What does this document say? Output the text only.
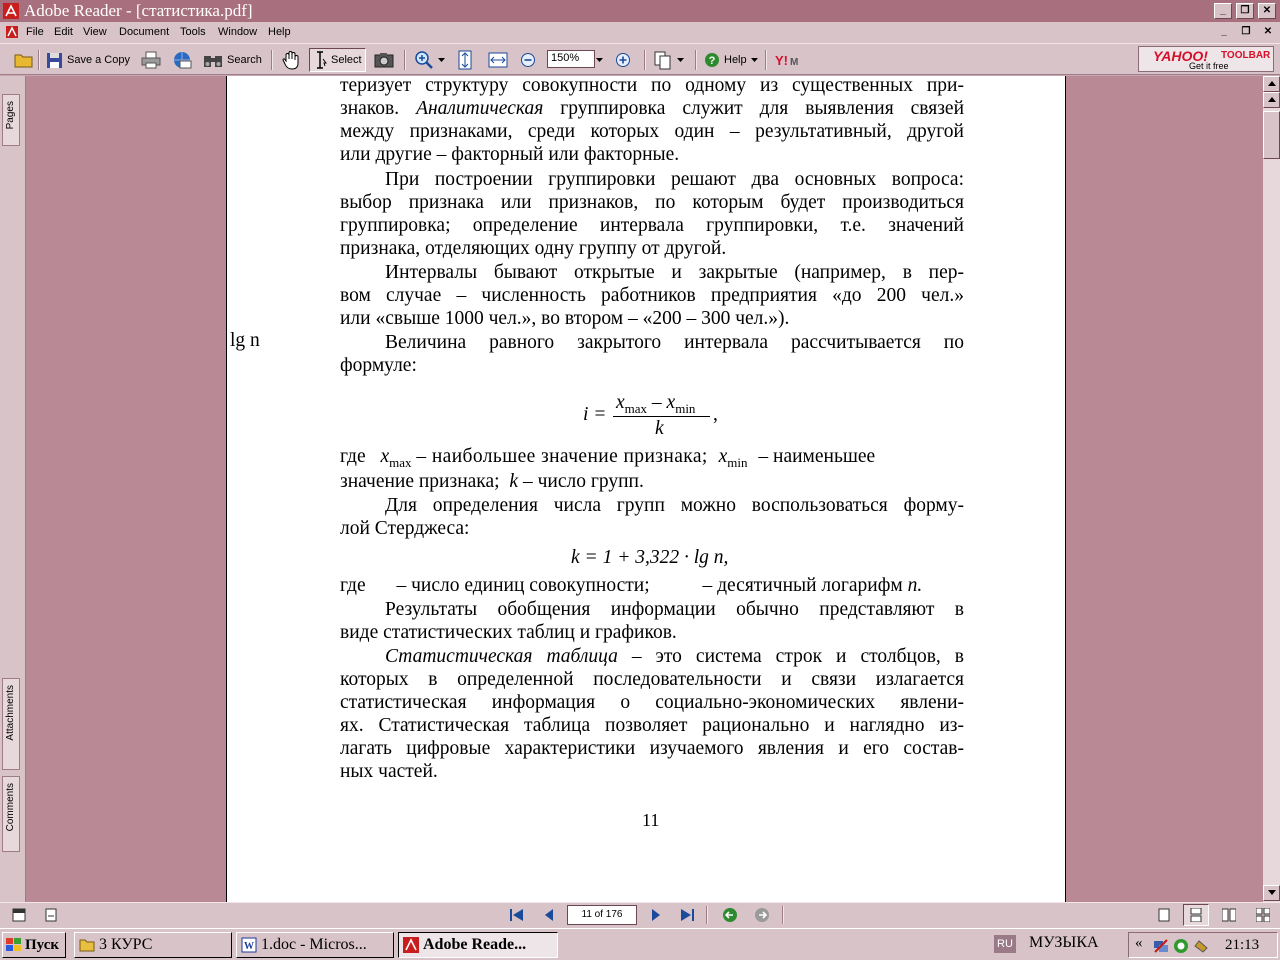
Adobe Reader - [статистика.pdf]	_	❐	✕
File Edit View Document Tools Window Help	_	❐	✕
Save a Copy	Search	Select	? Help Y! M
150%	YAHOO! TOOLBAR
Get it free
Pages
Attachments
Comments
lg n
теризует структуру совокупности по одному из существенных при-
знаков. Аналитическая группировка служит для выявления связей
между признаками, среди которых один – результативный, другой
или другие – факторный или факторные.
При построении группировки решают два основных вопроса:
выбор признака или признаков, по которым будет производиться
группировка; определение интервала группировки, т.е. значений
признака, отделяющих одну группу от другой.
Интервалы бывают открытые и закрытые (например, в пер-
вом случае – численность работников предприятия «до 200 чел.»
или «свыше 1000 чел.», во втором – «200 – 300 чел.»).
Величина равного закрытого интервала рассчитывается по
формуле:
i =
$x_{max} - x_{min}$
k
,
где $x_{max}$ – наибольшее значение признака; $x_{min}$ – наименьшее
значение признака; k – число групп.
Для определения числа групп можно воспользоваться форму-
лой Стерджеса:
k = 1 + 3,322 · lg n,
где – число единиц совокупности;	– десятичный логарифм n.
Результаты обобщения информации обычно представляют в
виде статистических таблиц и графиков.
Статистическая таблица – это система строк и столбцов, в
которых в определенной последовательности и связи излагается
статистическая информация о социально-экономических явлени-
ях. Статистическая таблица позволяет рационально и наглядно из-
лагать цифровые характеристики изучаемого явления и его состав-
ных частей.
11
11 of 176
Пуск 3 КУРС	W 1.doc - Micros...	Adobe Reade...	RU МУЗЫКА «	21:13
